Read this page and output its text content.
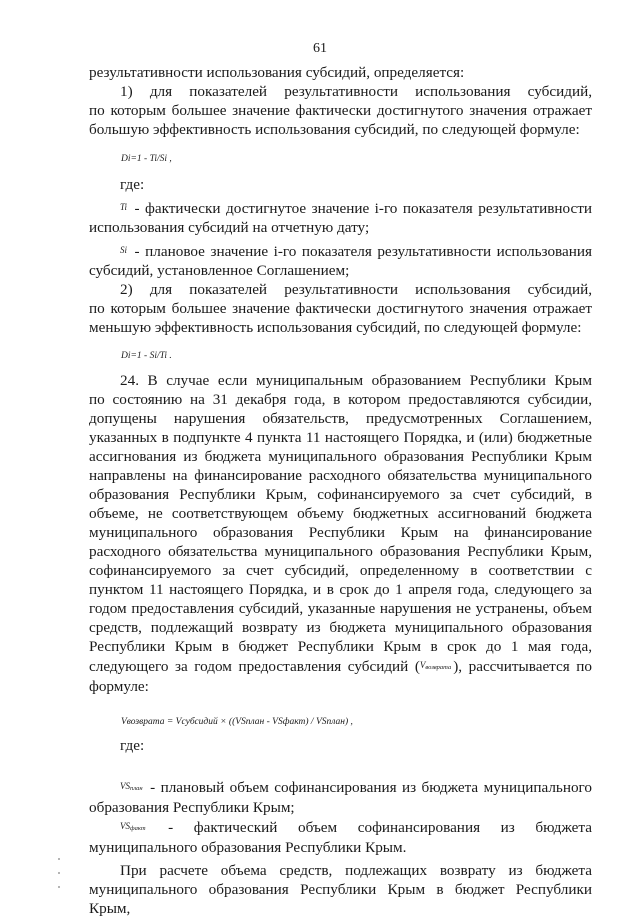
61

результативности использования субсидий, определяется:

1) для показателей результативности использования субсидий,

по которым большее значение фактически достигнутого значения отражает

большую эффективность использования субсидий, по следующей формуле:

Di=1 - Ti/Si ,

где:

Ti - фактически достигнутое значение i-го показателя результативности

использования субсидий на отчетную дату;

Si - плановое значение i-го показателя результативности использования

субсидий, установленное Соглашением;

2) для показателей результативности использования субсидий,

по которым большее значение фактически достигнутого значения отражает

меньшую эффективность использования субсидий, по следующей формуле:

Di=1 - Si/Ti .

24. В случае если муниципальным образованием Республики Крым

по состоянию на 31 декабря года, в котором предоставляются субсидии,

допущены нарушения обязательств, предусмотренных Соглашением,

указанных в подпункте 4 пункта 11 настоящего Порядка, и (или) бюджетные

ассигнования из бюджета муниципального образования Республики Крым

направлены на финансирование расходного обязательства муниципального

образования Республики Крым, софинансируемого за счет субсидий, в

объеме, не соответствующем объему бюджетных ассигнований бюджета

муниципального образования Республики Крым на финансирование

расходного обязательства муниципального образования Республики Крым,

софинансируемого за счет субсидий, определенному в соответствии с

пунктом 11 настоящего Порядка, и в срок до 1 апреля года, следующего за

годом предоставления субсидий, указанные нарушения не устранены, объем

средств, подлежащий возврату из бюджета муниципального образования

Республики Крым в бюджет Республики Крым в срок до 1 мая года,

следующего за годом предоставления субсидий ($V_{возврата}$ ), рассчитывается по

формуле:

Vвозврата = Vсубсидий × ((VSплан - VSфакт) / VSплан) ,

где:

$VS_{план}$ - плановый объем софинансирования из бюджета муниципального

образования Республики Крым;

$VS_{факт}$ - фактический объем софинансирования из бюджета

муниципального образования Республики Крым.

При расчете объема средств, подлежащих возврату из бюджета

муниципального образования Республики Крым в бюджет Республики Крым,
